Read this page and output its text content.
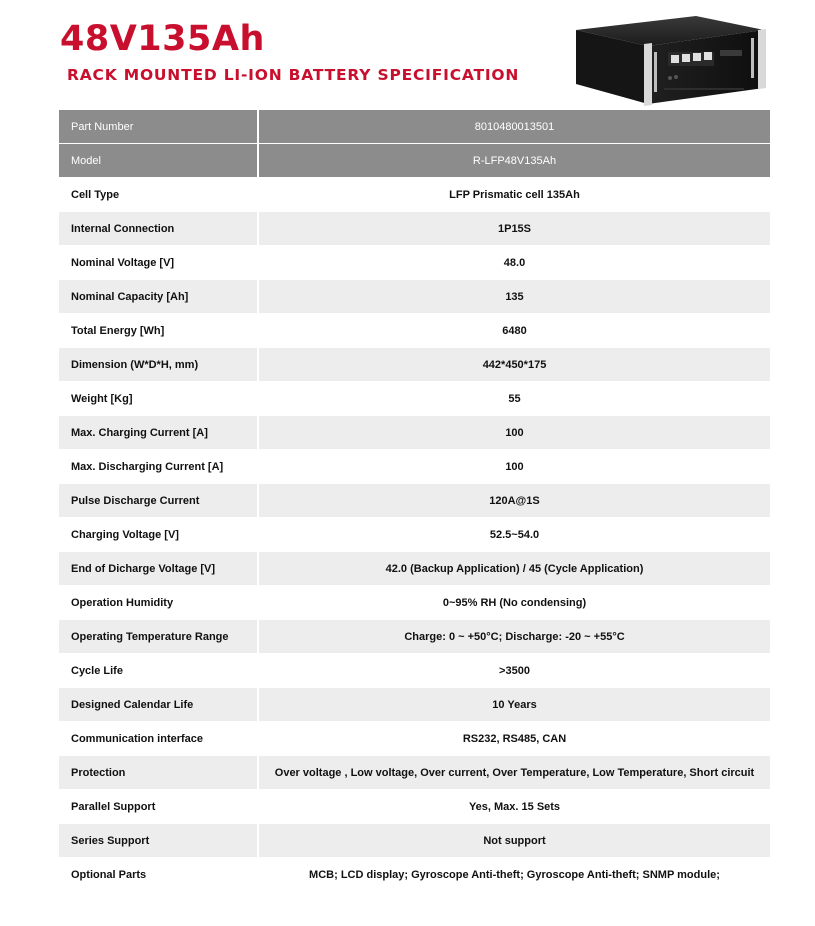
48V135Ah
RACK MOUNTED LI-ION BATTERY SPECIFICATION
Part Number	8010480013501
Model	R-LFP48V135Ah
Cell Type	LFP Prismatic cell 135Ah
Internal Connection	1P15S
Nominal Voltage [V]	48.0
Nominal Capacity [Ah]	135
Total Energy [Wh]	6480
Dimension (W*D*H, mm)	442*450*175
Weight [Kg]	55
Max. Charging Current [A]	100
Max. Discharging Current [A]	100
Pulse Discharge Current	120A@1S
Charging Voltage [V]	52.5~54.0
End of Dicharge Voltage [V]	42.0 (Backup Application) / 45 (Cycle Application)
Operation Humidity	0~95% RH (No condensing)
Operating Temperature Range	Charge: 0 ~ +50°C; Discharge: -20 ~ +55°C
Cycle Life	>3500
Designed Calendar Life	10 Years
Communication interface	RS232, RS485, CAN
Protection	Over voltage , Low voltage, Over current, Over Temperature, Low Temperature, Short circuit
Parallel Support	Yes, Max. 15 Sets
Series Support	Not support
Optional Parts	MCB; LCD display; Gyroscope Anti-theft; Gyroscope Anti-theft; SNMP module;
